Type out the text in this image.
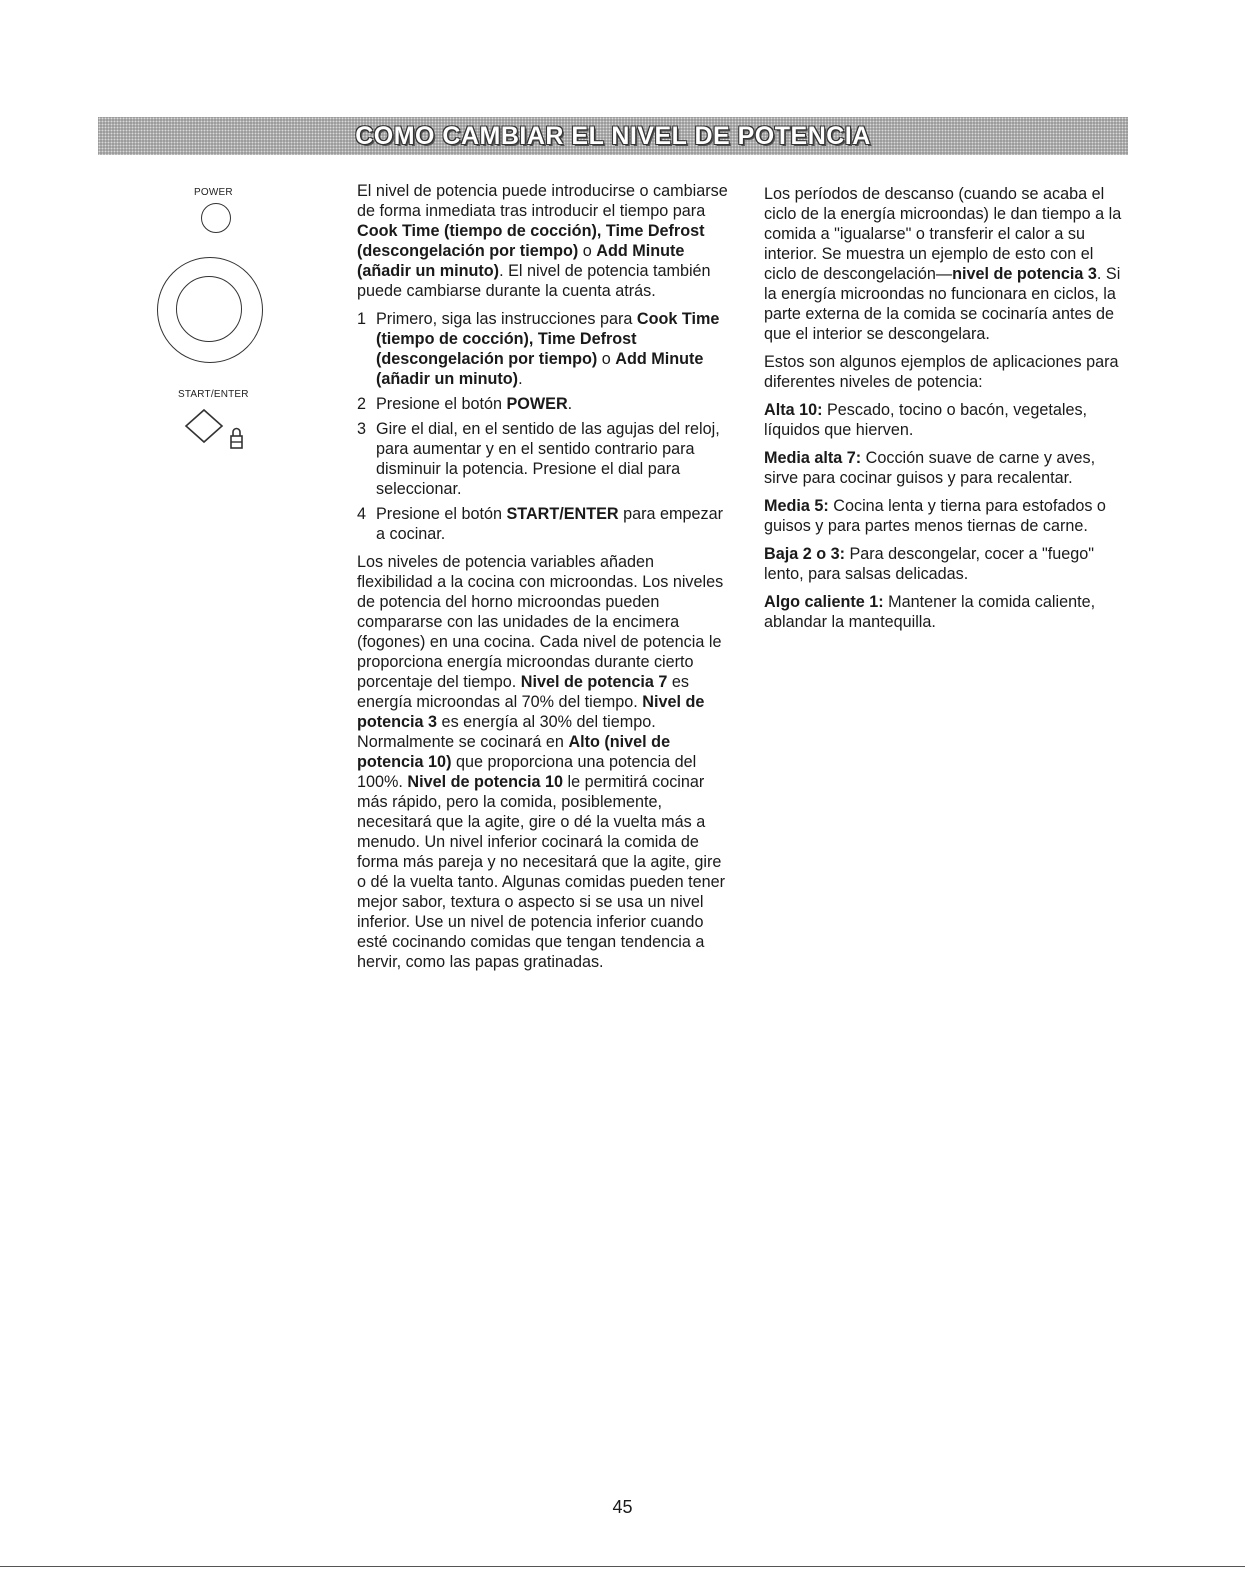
COMO CAMBIAR EL NIVEL DE POTENCIA
POWER
START/ENTER

El nivel de potencia puede introducirse o cambiarse de forma inmediata tras introducir el tiempo para Cook Time (tiempo de cocción), Time Defrost (descongelación por tiempo) o Add Minute (añadir un minuto). El nivel de potencia también puede cambiarse durante la cuenta atrás.

1 Primero, siga las instrucciones para Cook Time (tiempo de cocción), Time Defrost (descongelación por tiempo) o Add Minute (añadir un minuto).
2 Presione el botón POWER.
3 Gire el dial, en el sentido de las agujas del reloj, para aumentar y en el sentido contrario para disminuir la potencia. Presione el dial para seleccionar.
4 Presione el botón START/ENTER para empezar a cocinar.

Los niveles de potencia variables añaden flexibilidad a la cocina con microondas. Los niveles de potencia del horno microondas pueden compararse con las unidades de la encimera (fogones) en una cocina. Cada nivel de potencia le proporciona energía microondas durante cierto porcentaje del tiempo. Nivel de potencia 7 es energía microondas al 70% del tiempo. Nivel de potencia 3 es energía al 30% del tiempo. Normalmente se cocinará en Alto (nivel de potencia 10) que proporciona una potencia del 100%. Nivel de potencia 10 le permitirá cocinar más rápido, pero la comida, posiblemente, necesitará que la agite, gire o dé la vuelta más a menudo. Un nivel inferior cocinará la comida de forma más pareja y no necesitará que la agite, gire o dé la vuelta tanto. Algunas comidas pueden tener mejor sabor, textura o aspecto si se usa un nivel inferior. Use un nivel de potencia inferior cuando esté cocinando comidas que tengan tendencia a hervir, como las papas gratinadas.

Los períodos de descanso (cuando se acaba el ciclo de la energía microondas) le dan tiempo a la comida a "igualarse" o transferir el calor a su interior. Se muestra un ejemplo de esto con el ciclo de descongelación—nivel de potencia 3. Si la energía microondas no funcionara en ciclos, la parte externa de la comida se cocinaría antes de que el interior se descongelara.

Estos son algunos ejemplos de aplicaciones para diferentes niveles de potencia:

Alta 10: Pescado, tocino o bacón, vegetales, líquidos que hierven.

Media alta 7: Cocción suave de carne y aves, sirve para cocinar guisos y para recalentar.

Media 5: Cocina lenta y tierna para estofados o guisos y para partes menos tiernas de carne.

Baja 2 o 3: Para descongelar, cocer a "fuego" lento, para salsas delicadas.

Algo caliente 1: Mantener la comida caliente, ablandar la mantequilla.

45
